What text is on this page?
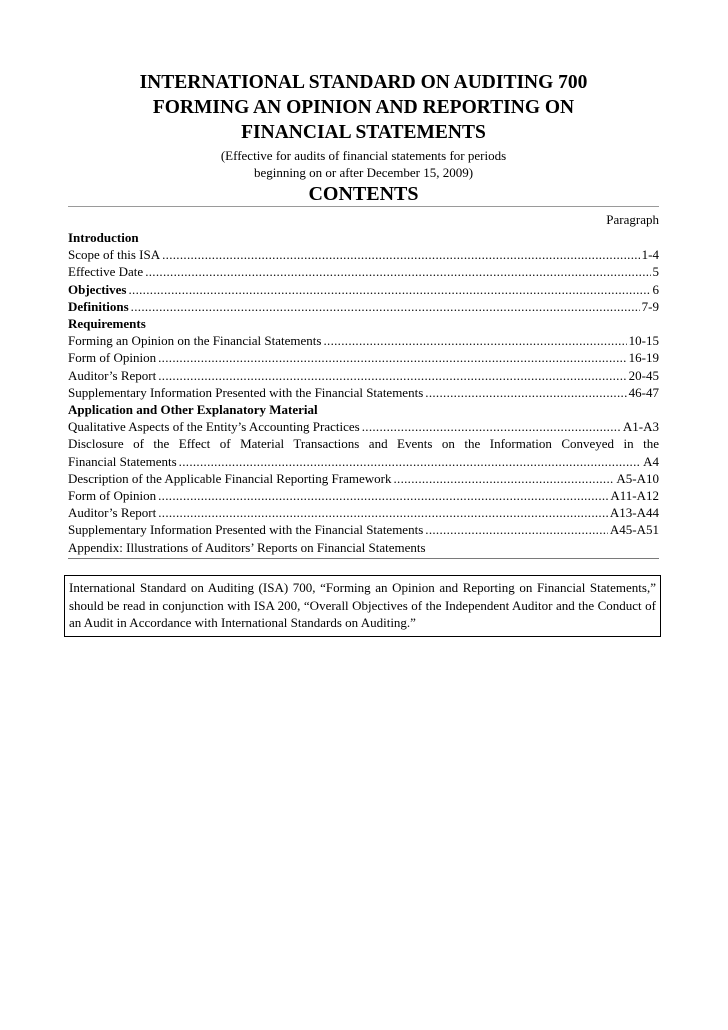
INTERNATIONAL STANDARD ON AUDITING 700
FORMING AN OPINION AND REPORTING ON
FINANCIAL STATEMENTS
(Effective for audits of financial statements for periods
beginning on or after December 15, 2009)
CONTENTS
Paragraph
Introduction
Scope of this ISA .....	1-4
Effective Date .....	5
Objectives .....	6
Definitions .....	7-9
Requirements
Forming an Opinion on the Financial Statements .....	10-15
Form of Opinion .....	16-19
Auditor’s Report .....	20-45
Supplementary Information Presented with the Financial Statements .....	46-47
Application and Other Explanatory Material
Qualitative Aspects of the Entity’s Accounting Practices .....	A1-A3
Disclosure of the Effect of Material Transactions and Events on the Information Conveyed in the
Financial Statements .....	A4
Description of the Applicable Financial Reporting Framework .....	A5-A10
Form of Opinion .....	A11-A12
Auditor’s Report .....	A13-A44
Supplementary Information Presented with the Financial Statements .....	A45-A51
Appendix: Illustrations of Auditors’ Reports on Financial Statements
International Standard on Auditing (ISA) 700, “Forming an Opinion and Reporting on Financial Statements,” should be read in conjunction with ISA 200, “Overall Objectives of the Independent Auditor and the Conduct of an Audit in Accordance with International Standards on Auditing.”
